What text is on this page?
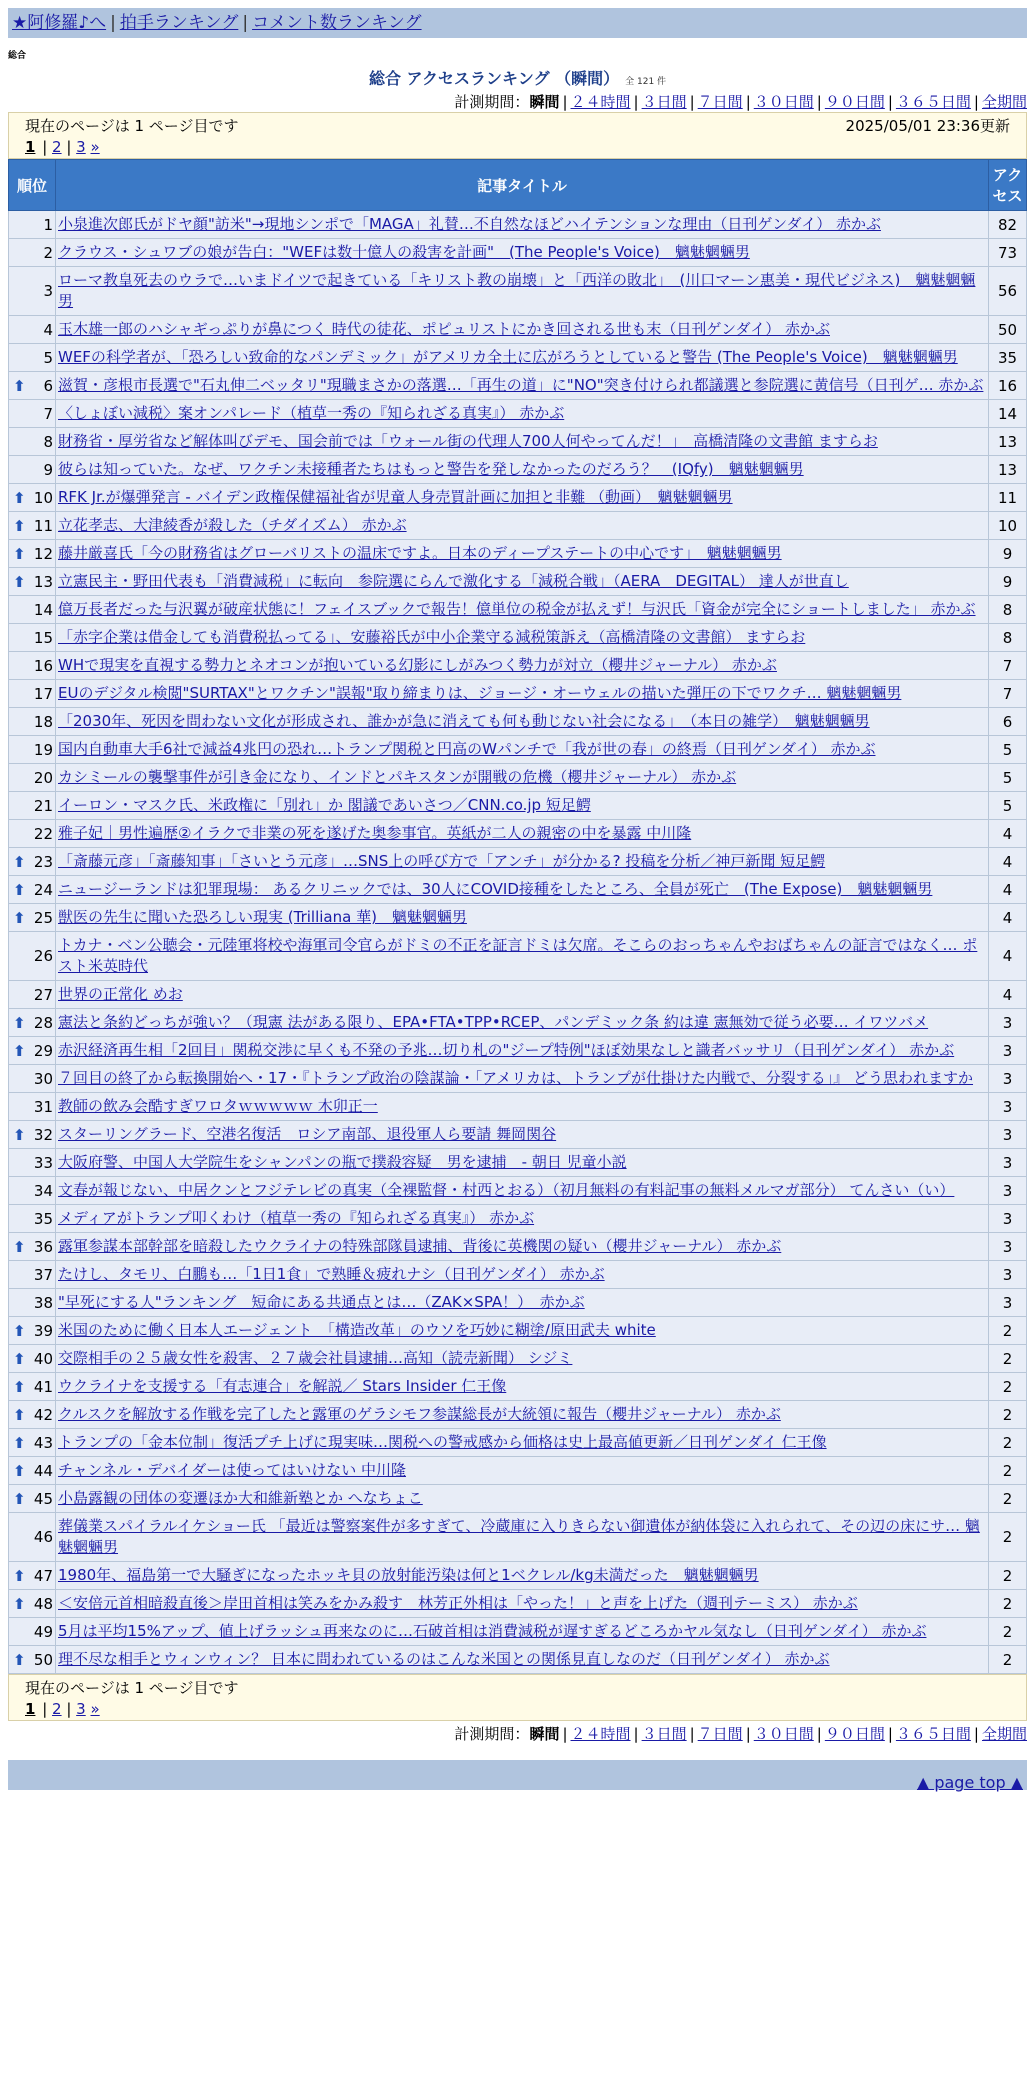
★阿修羅♪へ | 拍手ランキング | コメント数ランキング
総合
総合 アクセスランキング （瞬間） 全 121 件
計測期間：瞬間 | ２４時間 | ３日間 | ７日間 | ３０日間 | ９０日間 | ３６５日間 | 全期間
現在のページは 1 ページ目です	2025/05/01 23:36更新
1 | 2 | 3 »
順位	記事タイトル	アクセス
1	小泉進次郎氏がドヤ顔"訪米"→現地シンポで「MAGA」礼賛…不自然なほどハイテンションな理由（日刊ゲンダイ） 赤かぶ	82
2	クラウス・シュワブの娘が告白："WEFは数十億人の殺害を計画"　(The People's Voice)　魑魅魍魎男	73
3	ローマ教皇死去のウラで…いまドイツで起きている「キリスト教の崩壊」と「西洋の敗北」　(川口マーン惠美・現代ビジネス)　魑魅魍魎男	56
4	玉木雄一郎のハシャギっぷりが鼻につく 時代の徒花、ポピュリストにかき回される世も末（日刊ゲンダイ） 赤かぶ	50
5	WEFの科学者が、「恐ろしい致命的なパンデミック」がアメリカ全土に広がろうとしていると警告 (The People's Voice)　魑魅魍魎男	35

⬆ 6	滋賀・彦根市長選で"石丸伸二ベッタリ"現職まさかの落選…「再生の道」に"NO"突き付けられ都議選と参院選に黄信号（日刊ゲ… 赤かぶ	16
7	〈しょぼい減税〉案オンパレード（植草一秀の『知られざる真実』） 赤かぶ	14
8	財務省・厚労省など解体叫びデモ、国会前では「ウォール街の代理人700人何やってんだ！」　高橋清隆の文書館 ますらお	13
9	彼らは知っていた。なぜ、ワクチン未接種者たちはもっと警告を発しなかったのだろう？　(IQfy)　魑魅魍魎男	13

⬆ 10	RFK Jr.が爆弾発言 - バイデン政権保健福祉省が児童人身売買計画に加担と非難 （動画）　魑魅魍魎男	11

⬆ 11	立花孝志、大津綾香が殺した（チダイズム） 赤かぶ	10

⬆ 12	藤井厳喜氏「今の財務省はグローバリストの温床ですよ。日本のディープステートの中心です」　魑魅魍魎男	9

⬆ 13	立憲民主・野田代表も「消費減税」に転向　参院選にらんで激化する「減税合戦」（AERA　DEGITAL） 達人が世直し	9
14	億万長者だった与沢翼が破産状態に！フェイスブックで報告！億単位の税金が払えず！与沢氏「資金が完全にショートしました」 赤かぶ	8
15	「赤字企業は借金しても消費税払ってる」、安藤裕氏が中小企業守る減税策訴え（高橋清隆の文書館） ますらお	8
16	WHで現実を直視する勢力とネオコンが抱いている幻影にしがみつく勢力が対立（櫻井ジャーナル） 赤かぶ	7
17	EUのデジタル検閲"SURTAX"とワクチン"誤報"取り締まりは、ジョージ・オーウェルの描いた弾圧の下でワクチ… 魑魅魍魎男	7
18	「2030年、死因を問わない文化が形成され、誰かが急に消えても何も動じない社会になる」　（本日の雑学）　魑魅魍魎男	6
19	国内自動車大手6社で減益4兆円の恐れ…トランプ関税と円高のWパンチで「我が世の春」の終焉（日刊ゲンダイ） 赤かぶ	5
20	カシミールの襲撃事件が引き金になり、インドとパキスタンが開戦の危機（櫻井ジャーナル） 赤かぶ	5
21	イーロン・マスク氏、米政権に「別れ」か 閣議であいさつ／CNN.co.jp 短足鰐	5
22	雅子妃｜男性遍歴②イラクで非業の死を遂げた奥参事官。英紙が二人の親密の中を暴露 中川隆	4

⬆ 23	「斎藤元彦」「斎藤知事」「さいとう元彦」…SNS上の呼び方で「アンチ」が分かる? 投稿を分析／神戸新聞 短足鰐	4

⬆ 24	ニュージーランドは犯罪現場： あるクリニックでは、30人にCOVID接種をしたところ、全員が死亡　(The Expose)　魑魅魍魎男	4

⬆ 25	獣医の先生に聞いた恐ろしい現実 (Trilliana 華)　魑魅魍魎男	4
26	トカナ・ベン公聴会・元陸軍将校や海軍司令官らがドミの不正を証言ドミは欠席。そこらのおっちゃんやおばちゃんの証言ではなく… ポスト米英時代	4
27	世界の正常化 めお	4

⬆ 28	憲法と条約どっちが強い？（現憲 法がある限り、EPA•FTA•TPP•RCEP、パンデミック条 約は違 憲無効で従う必要… イワツバメ	3

⬆ 29	赤沢経済再生相「2回目」関税交渉に早くも不発の予兆…切り札の"ジープ特例"ほぼ効果なしと識者バッサリ（日刊ゲンダイ） 赤かぶ	3
30	７回目の終了から転換開始へ・17・『トランプ政治の陰謀論・「アメリカは、トランプが仕掛けた内戦で、分裂する」』 どう思われますか	3
31	教師の飲み会酷すぎワロタｗｗｗｗｗ 木卯正一	3

⬆ 32	スターリングラード、空港名復活　ロシア南部、退役軍人ら要請 舞岡関谷	3
33	大阪府警、中国人大学院生をシャンパンの瓶で撲殺容疑　男を逮捕　- 朝日 児童小説	3
34	文春が報じない、中居クンとフジテレビの真実（全裸監督・村西とおる）（初月無料の有料記事の無料メルマガ部分） てんさい（い）	3
35	メディアがトランプ叩くわけ（植草一秀の『知られざる真実』） 赤かぶ	3

⬆ 36	露軍参謀本部幹部を暗殺したウクライナの特殊部隊員逮捕、背後に英機関の疑い（櫻井ジャーナル） 赤かぶ	3
37	たけし、タモリ、白鵬も…「1日1食」で熟睡＆疲れナシ（日刊ゲンダイ） 赤かぶ	3
38	"早死にする人"ランキング　短命にある共通点とは…（ZAK×SPA！）　赤かぶ	3

⬆ 39	米国のために働く日本人エージェント　「構造改革」のウソを巧妙に糊塗/原田武夫 white	2

⬆ 40	交際相手の２５歳女性を殺害、２７歳会社員逮捕…高知（読売新聞） シジミ	2

⬆ 41	ウクライナを支援する「有志連合」を解説／ Stars Insider 仁王像	2

⬆ 42	クルスクを解放する作戦を完了したと露軍のゲラシモフ参謀総長が大統領に報告（櫻井ジャーナル） 赤かぶ	2

⬆ 43	トランプの「金本位制」復活プチ上げに現実味…関税への警戒感から価格は史上最高値更新／日刊ゲンダイ 仁王像	2

⬆ 44	チャンネル・デバイダーは使ってはいけない 中川隆	2

⬆ 45	小島露観の団体の変遷ほか大和維新塾とか へなちょこ	2
46	葬儀業スパイラルイケショー氏 「最近は警察案件が多すぎて、冷蔵庫に入りきらない御遺体が納体袋に入れられて、その辺の床にサ… 魑魅魍魎男	2

⬆ 47	1980年、福島第一で大騒ぎになったホッキ貝の放射能汚染は何と1ベクレル/kg未満だった　魑魅魍魎男	2

⬆ 48	＜安倍元首相暗殺直後＞岸田首相は笑みをかみ殺す　林芳正外相は「やった！」と声を上げた（週刊テーミス） 赤かぶ	2
49	5月は平均15%アップ、値上げラッシュ再来なのに…石破首相は消費減税が遅すぎるどころかヤル気なし（日刊ゲンダイ） 赤かぶ	2

⬆ 50	理不尽な相手とウィンウィン？ 日本に問われているのはこんな米国との関係見直しなのだ（日刊ゲンダイ） 赤かぶ	2
現在のページは 1 ページ目です
1 | 2 | 3 »
計測期間：瞬間 | ２４時間 | ３日間 | ７日間 | ３０日間 | ９０日間 | ３６５日間 | 全期間
▲ page top ▲
